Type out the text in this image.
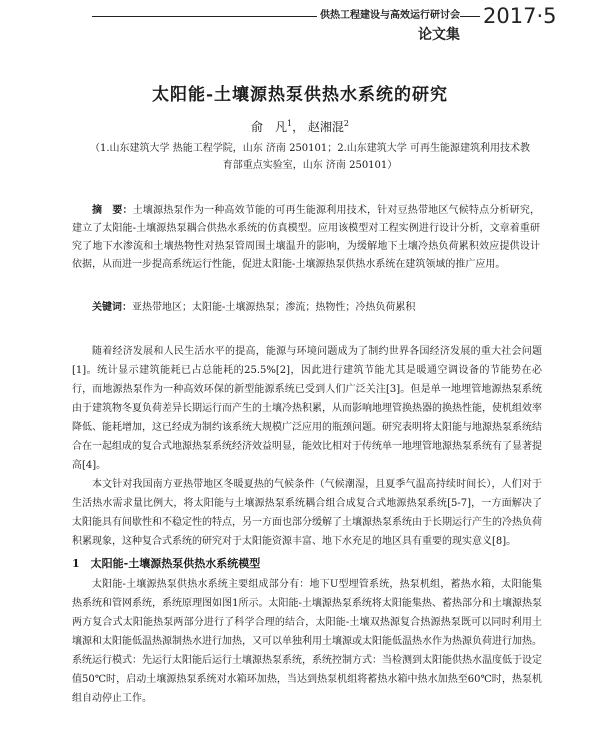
供热工程建设与高效运行研讨会 2017·5
论文集
太阳能-土壤源热泵供热水系统的研究
俞　凡$^1$， 赵湘混$^2$
（1.山东建筑大学 热能工程学院，山东 济南 250101；2.山东建筑大学 可再生能源建筑利用技术教育部重点实验室，山东 济南 250101）
摘　要：土壤源热泵作为一种高效节能的可再生能源利用技术，针对豆热带地区气候特点分析研究，建立了太阳能-土壤源热泵耦合供热水系统的仿真模型。应用该模型对工程实例进行设计分析，文章着重研究了地下水渗流和土壤热物性对热泵管周围土壤温升的影响，为缓解地下土壤冷热负荷累积效应提供设计依据，从而进一步提高系统运行性能，促进太阳能-土壤源热泵供热水系统在建筑领域的推广应用。
关键词：亚热带地区；太阳能-土壤源热泵；渗流；热物性；冷热负荷累积

随着经济发展和人民生活水平的提高，能源与环境问题成为了制约世界各国经济发展的重大社会问题[1]。统计显示建筑能耗已占总能耗的25.5%[2]，因此进行建筑节能尤其是暖通空调设备的节能势在必行，而地源热泵作为一种高效环保的新型能源系统已受到人们广泛关注[3]。但是单一地埋管地源热泵系统由于建筑物冬夏负荷差异长期运行而产生的土壤冷热积累，从而影响地埋管换热器的换热性能，使机组效率降低、能耗增加，这已经成为制约该系统大规模广泛应用的瓶颈问题。研究表明将太阳能与地源热泵系统结合在一起组成的复合式地源热泵系统经济效益明显，能效比相对于传统单一地埋管地源热泵系统有了显著提高[4]。

本文针对我国南方亚热带地区冬暖夏热的气候条件（气候潮湿，且夏季气温高持续时间长），人们对于生活热水需求量比例大，将太阳能与土壤源热泵系统耦合组合成复合式地源热泵系统[5-7]，一方面解决了太阳能具有间歇性和不稳定性的特点，另一方面也部分缓解了土壤源热泵系统由于长期运行产生的冷热负荷积累现象，这种复合式系统的研究对于太阳能资源丰富、地下水充足的地区具有重要的现实意义[8]。

1　太阳能-土壤源热泵供热水系统模型

太阳能-土壤源热泵供热水系统主要组成部分有：地下U型埋管系统，热泵机组，蓄热水箱，太阳能集热系统和管网系统，系统原理图如图1所示。太阳能-土壤源热泵系统将太阳能集热、蓄热部分和土壤源热泵两方复合式太阳能热泵两部分进行了科学合理的结合，太阳能-土壤双热源复合热源热泵既可以同时利用土壤源和太阳能低温热源制热水进行加热，又可以单独利用土壤源或太阳能低温热水作为热源负荷进行加热。系统运行模式：先运行太阳能后运行土壤源热泵系统，系统控制方式：当检测到太阳能供热水温度低于设定值50℃时，启动土壤源热泵系统对水箱环加热，当达到热泵机组将蓄热水箱中热水加热至60℃时，热泵机组自动停止工作。
